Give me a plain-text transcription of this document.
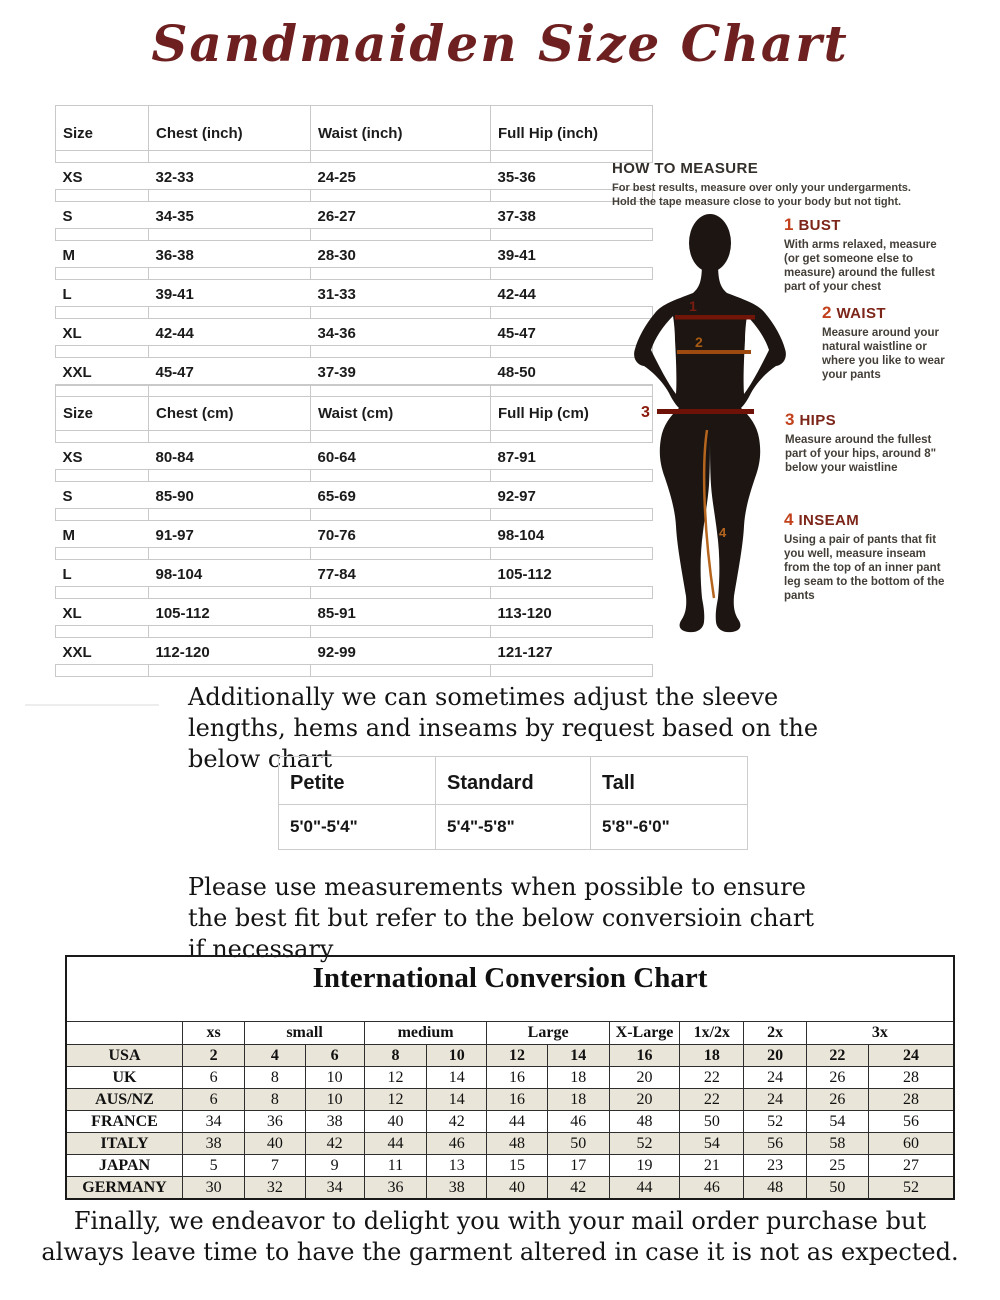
Sandmaiden Size Chart
Size	Chest (inch)	Waist (inch)	Full Hip (inch)

XS	32-33	24-25	35-36

S	34-35	26-27	37-38

M	36-38	28-30	39-41

L	39-41	31-33	42-44

XL	42-44	34-36	45-47

XXL	45-47	37-39	48-50

Size	Chest (cm)	Waist (cm)	Full Hip (cm)

XS	80-84	60-64	87-91

S	85-90	65-69	92-97

M	91-97	70-76	98-104

L	98-104	77-84	105-112

XL	105-112	85-91	113-120

XXL	112-120	92-99	121-127

HOW TO MEASURE
For best results, measure over only your undergarments.
Hold the tape measure close to your body but not tight.
1
2
3
4
1 BUST
With arms relaxed, measure (or get someone else to measure) around the fullest part of your chest
2 WAIST
Measure around your natural waistline or where you like to wear your pants
3 HIPS
Measure around the fullest part of your hips, around 8" below your waistline
4 INSEAM
Using a pair of pants that fit you well, measure inseam from the top of an inner pant leg seam to the bottom of the pants

Additionally we can sometimes adjust the sleeve lengths, hems and inseams by request based on the below chart

Petite	Standard	Tall
5'0"-5'4"	5'4"-5'8"	5'8"-6'0"

Please use measurements when possible to ensure the best fit but refer to the below conversioin chart if necessary

International Conversion Chart												
	xs	small		medium		Large		X-Large	1x/2x	2x	3x	
USA	2	4	6	8	10	12	14	16	18	20	22	24
UK	6	8	10	12	14	16	18	20	22	24	26	28
AUS/NZ	6	8	10	12	14	16	18	20	22	24	26	28
FRANCE	34	36	38	40	42	44	46	48	50	52	54	56
ITALY	38	40	42	44	46	48	50	52	54	56	58	60
JAPAN	5	7	9	11	13	15	17	19	21	23	25	27
GERMANY	30	32	34	36	38	40	42	44	46	48	50	52

Finally, we endeavor to delight you with your mail order purchase but always leave time to have the garment altered in case it is not as expected.
